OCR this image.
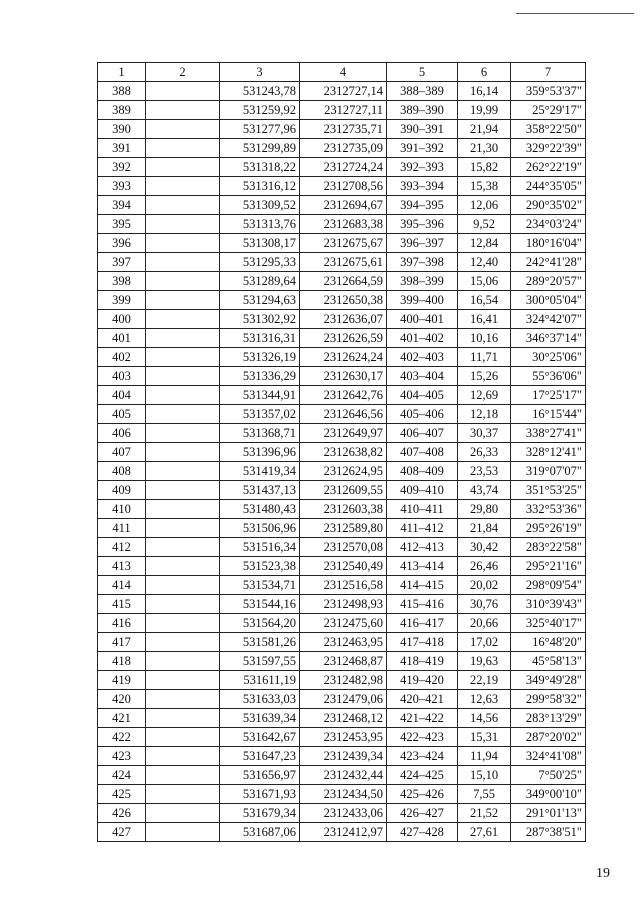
1	2	3	4	5	6	7
388		531243,78	2312727,14	388–389	16,14	359°53'37"
389		531259,92	2312727,11	389–390	19,99	25°29'17"
390		531277,96	2312735,71	390–391	21,94	358°22'50"
391		531299,89	2312735,09	391–392	21,30	329°22'39"
392		531318,22	2312724,24	392–393	15,82	262°22'19"
393		531316,12	2312708,56	393–394	15,38	244°35'05"
394		531309,52	2312694,67	394–395	12,06	290°35'02"
395		531313,76	2312683,38	395–396	9,52	234°03'24"
396		531308,17	2312675,67	396–397	12,84	180°16'04"
397		531295,33	2312675,61	397–398	12,40	242°41'28"
398		531289,64	2312664,59	398–399	15,06	289°20'57"
399		531294,63	2312650,38	399–400	16,54	300°05'04"
400		531302,92	2312636,07	400–401	16,41	324°42'07"
401		531316,31	2312626,59	401–402	10,16	346°37'14"
402		531326,19	2312624,24	402–403	11,71	30°25'06"
403		531336,29	2312630,17	403–404	15,26	55°36'06"
404		531344,91	2312642,76	404–405	12,69	17°25'17"
405		531357,02	2312646,56	405–406	12,18	16°15'44"
406		531368,71	2312649,97	406–407	30,37	338°27'41"
407		531396,96	2312638,82	407–408	26,33	328°12'41"
408		531419,34	2312624,95	408–409	23,53	319°07'07"
409		531437,13	2312609,55	409–410	43,74	351°53'25"
410		531480,43	2312603,38	410–411	29,80	332°53'36"
411		531506,96	2312589,80	411–412	21,84	295°26'19"
412		531516,34	2312570,08	412–413	30,42	283°22'58"
413		531523,38	2312540,49	413–414	26,46	295°21'16"
414		531534,71	2312516,58	414–415	20,02	298°09'54"
415		531544,16	2312498,93	415–416	30,76	310°39'43"
416		531564,20	2312475,60	416–417	20,66	325°40'17"
417		531581,26	2312463,95	417–418	17,02	16°48'20"
418		531597,55	2312468,87	418–419	19,63	45°58'13"
419		531611,19	2312482,98	419–420	22,19	349°49'28"
420		531633,03	2312479,06	420–421	12,63	299°58'32"
421		531639,34	2312468,12	421–422	14,56	283°13'29"
422		531642,67	2312453,95	422–423	15,31	287°20'02"
423		531647,23	2312439,34	423–424	11,94	324°41'08"
424		531656,97	2312432,44	424–425	15,10	7°50'25"
425		531671,93	2312434,50	425–426	7,55	349°00'10"
426		531679,34	2312433,06	426–427	21,52	291°01'13"
427		531687,06	2312412,97	427–428	27,61	287°38'51"
19
